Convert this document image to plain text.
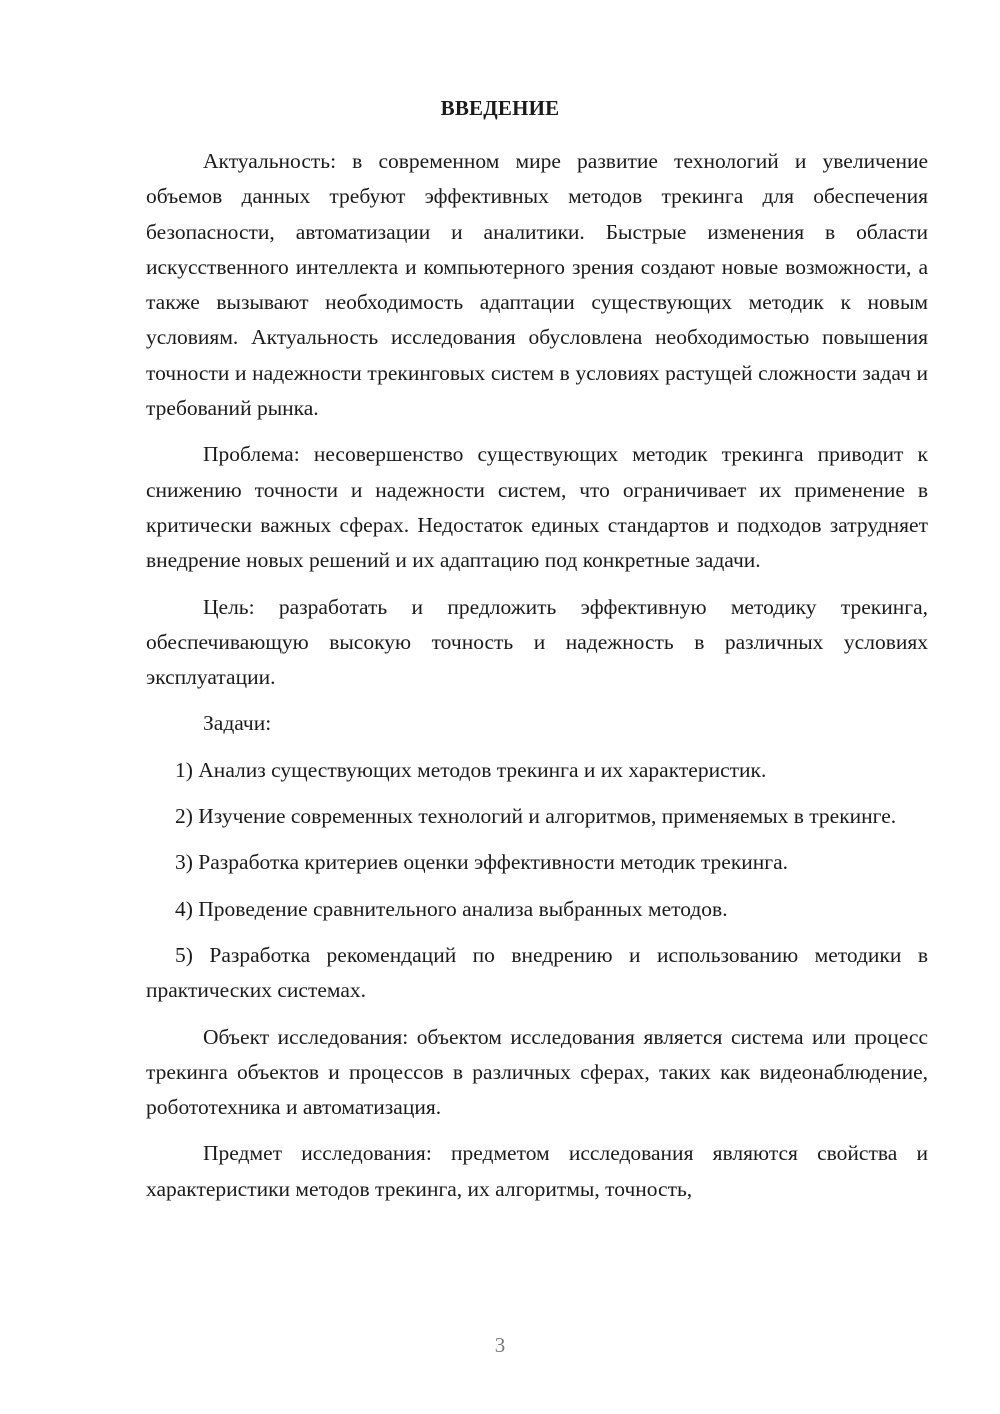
ВВЕДЕНИЕ

Актуальность: в современном мире развитие технологий и увеличение объемов данных требуют эффективных методов трекинга для обеспечения безопасности, автоматизации и аналитики. Быстрые изменения в области искусственного интеллекта и компьютерного зрения создают новые возможности, а также вызывают необходимость адаптации существующих методик к новым условиям. Актуальность исследования обусловлена необходимостью повышения точности и надежности трекинговых систем в условиях растущей сложности задач и требований рынка.

Проблема: несовершенство существующих методик трекинга приводит к снижению точности и надежности систем, что ограничивает их применение в критически важных сферах. Недостаток единых стандартов и подходов затрудняет внедрение новых решений и их адаптацию под конкретные задачи.

Цель: разработать и предложить эффективную методику трекинга, обеспечивающую высокую точность и надежность в различных условиях эксплуатации.

Задачи:

1) Анализ существующих методов трекинга и их характеристик.

2) Изучение современных технологий и алгоритмов, применяемых в трекинге.

3) Разработка критериев оценки эффективности методик трекинга.

4) Проведение сравнительного анализа выбранных методов.

5) Разработка рекомендаций по внедрению и использованию методики в практических системах.

Объект исследования: объектом исследования является система или процесс трекинга объектов и процессов в различных сферах, таких как видеонаблюдение, робототехника и автоматизация.

Предмет исследования: предметом исследования являются свойства и характеристики методов трекинга, их алгоритмы, точность,

3
